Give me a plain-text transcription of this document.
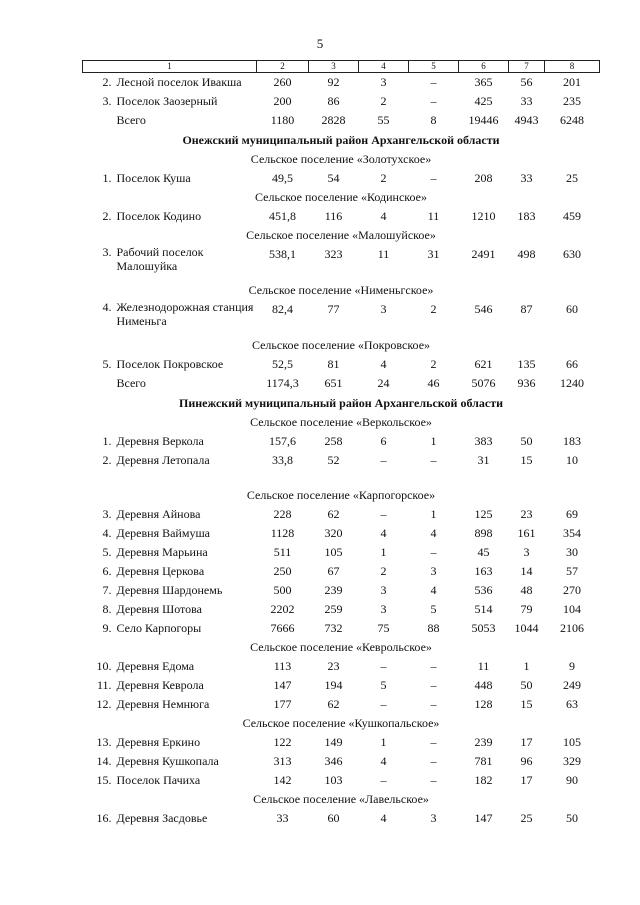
5
1		2	3	4	5	6	7	8
2.	Лесной поселок Ивакша	260	92	3	–	365	56	201
3.	Поселок Заозерный	200	86	2	–	425	33	235
	Всего	1180	2828	55	8	19446	4943	6248
Онежский муниципальный район Архангельской области								
Сельское поселение «Золотухское»								
1.	Поселок Куша	49,5	54	2	–	208	33	25
Сельское поселение «Кодинское»								
2.	Поселок Кодино	451,8	116	4	11	1210	183	459
Сельское поселение «Малошуйское»								
3.	Рабочий поселок Малошуйка	538,1	323	11	31	2491	498	630
Сельское поселение «Нименьгское»								
4.	Железнодорожная станция Нименьга	82,4	77	3	2	546	87	60
Сельское поселение «Покровское»								
5.	Поселок Покровское	52,5	81	4	2	621	135	66
	Всего	1174,3	651	24	46	5076	936	1240
Пинежский муниципальный район Архангельской области								
Сельское поселение «Веркольское»								
1.	Деревня Веркола	157,6	258	6	1	383	50	183
2.	Деревня Летопала	33,8	52	–	–	31	15	10

Сельское поселение «Карпогорское»								
3.	Деревня Айнова	228	62	–	1	125	23	69
4.	Деревня Ваймуша	1128	320	4	4	898	161	354
5.	Деревня Марьина	511	105	1	–	45	3	30
6.	Деревня Церкова	250	67	2	3	163	14	57
7.	Деревня Шардонемь	500	239	3	4	536	48	270
8.	Деревня Шотова	2202	259	3	5	514	79	104
9.	Село Карпогоры	7666	732	75	88	5053	1044	2106
Сельское поселение «Кеврольское»								
10.	Деревня Едома	113	23	–	–	11	1	9
11.	Деревня Кеврола	147	194	5	–	448	50	249
12.	Деревня Немнюга	177	62	–	–	128	15	63
Сельское поселение «Кушкопальское»								
13.	Деревня Еркино	122	149	1	–	239	17	105
14.	Деревня Кушкопала	313	346	4	–	781	96	329
15.	Поселок Пачиха	142	103	–	–	182	17	90
Сельское поселение «Лавельское»								
16.	Деревня Засдовье	33	60	4	3	147	25	50
